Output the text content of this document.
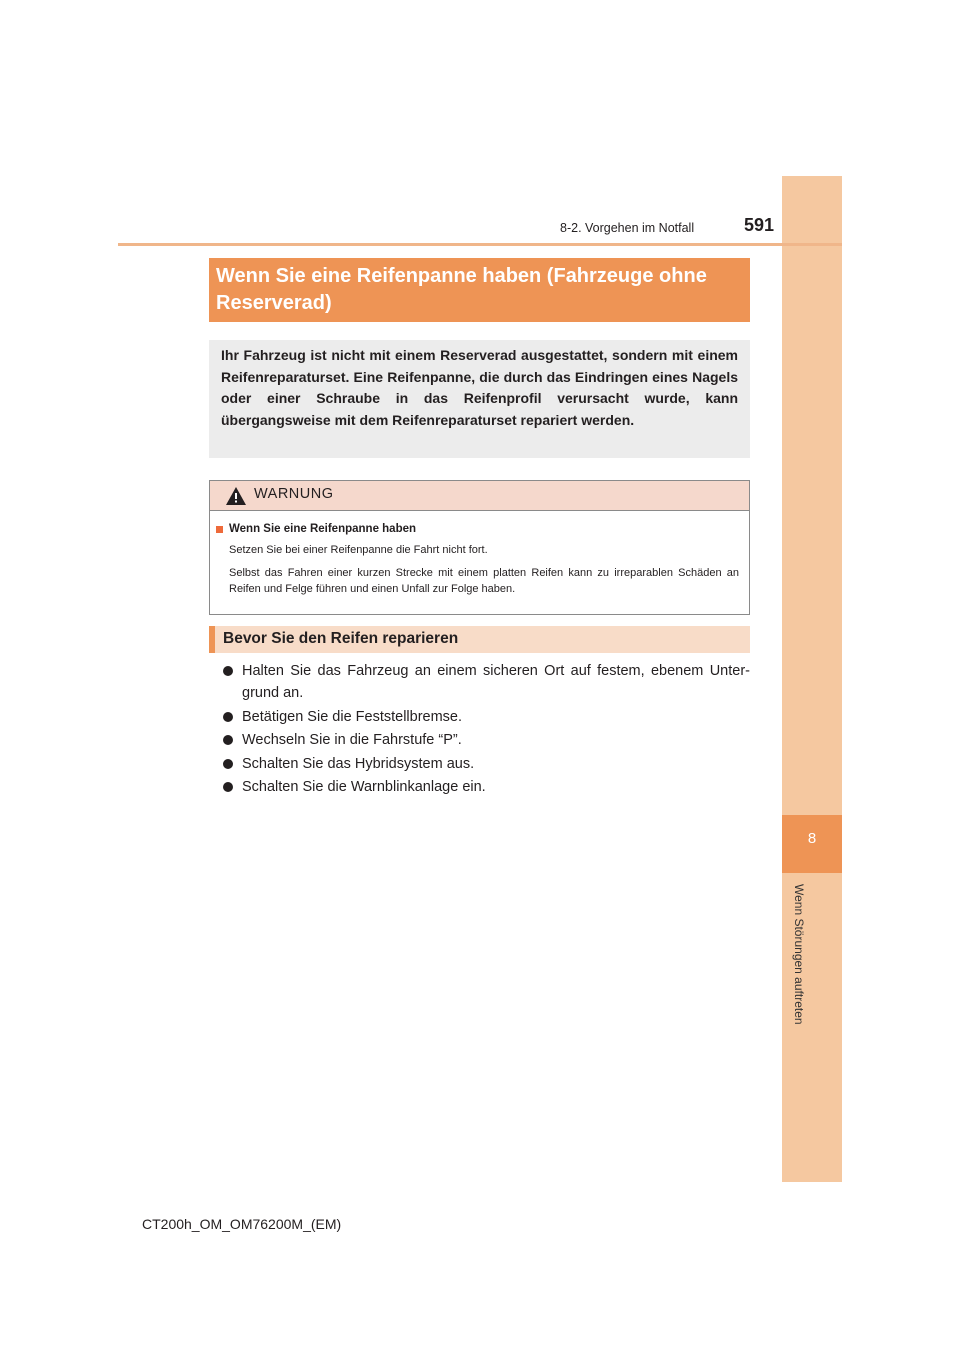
8
Wenn Störungen auftreten
8-2. Vorgehen im Notfall	591
Wenn Sie eine Reifenpanne haben (Fahrzeuge ohne
Reserverad)

Ihr Fahrzeug ist nicht mit einem Reserverad ausgestattet, sondern mit einem Reifenreparaturset. Eine Reifenpanne, die durch das Eindringen eines Nagels oder einer Schraube in das Reifenprofil verursacht wurde, kann übergangsweise mit dem Reifenreparaturset repariert werden.

WARNUNG
Wenn Sie eine Reifenpanne haben
Setzen Sie bei einer Reifenpanne die Fahrt nicht fort.

Selbst das Fahren einer kurzen Strecke mit einem platten Reifen kann zu irreparablen Schäden an Reifen und Felge führen und einen Unfall zur Folge haben.

Bevor Sie den Reifen reparieren
Halten Sie das Fahrzeug an einem sicheren Ort auf festem, ebenem Unter-grund an.
Betätigen Sie die Feststellbremse.
Wechseln Sie in die Fahrstufe “P”.
Schalten Sie das Hybridsystem aus.
Schalten Sie die Warnblinkanlage ein.
CT200h_OM_OM76200M_(EM)
